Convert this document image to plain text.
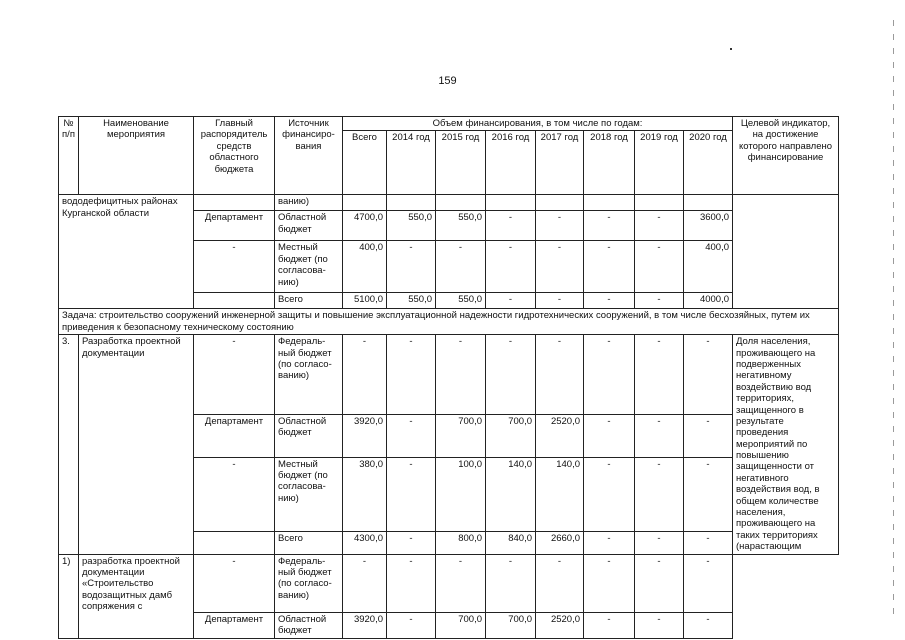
159
№ п/п	Наименование мероприятия	Главный распорядитель средств областного бюджета	Источник финансиро-вания	Объем финансирования, в том числе по годам:								Целевой индикатор, на достижение которого направлено финансирование
				Всего	2014 год	2015 год	2016 год	2017 год	2018 год	2019 год	2020 год	
вододефицитных районах Курганской области			ванию)									
		Департамент	Областной бюджет	4700,0	550,0	550,0	-	-	-	-	3600,0	
		-	Местный бюджет (по согласова-нию)	400,0	-	-	-	-	-	-	400,0	
			Всего	5100,0	550,0	550,0	-	-	-	-	4000,0	
Задача: строительство сооружений инженерной защиты и повышение эксплуатационной надежности гидротехнических сооружений, в том числе бесхозяйных, путем их приведения к безопасному техническому состоянию												
3.	Разработка проектной документации	-	Федераль-ный бюджет (по согласо-ванию)	-	-	-	-	-	-	-	-	Доля населения, проживающего на подверженных негативному воздействию вод территориях, защищенного в результате проведения мероприятий по повышению защищенности от негативного воздействия вод, в общем количестве населения, проживающего на таких территориях (нарастающим
		Департамент	Областной бюджет	3920,0	-	700,0	700,0	2520,0	-	-	-	
		-	Местный бюджет (по согласова-нию)	380,0	-	100,0	140,0	140,0	-	-	-	
			Всего	4300,0	-	800,0	840,0	2660,0	-	-	-	
1)	разработка проектной документации «Строительство водозащитных дамб сопряжения с	-	Федераль-ный бюджет (по согласо-ванию)	-	-	-	-	-	-	-	-	
		Департамент	Областной бюджет	3920,0	-	700,0	700,0	2520,0	-	-	-	
